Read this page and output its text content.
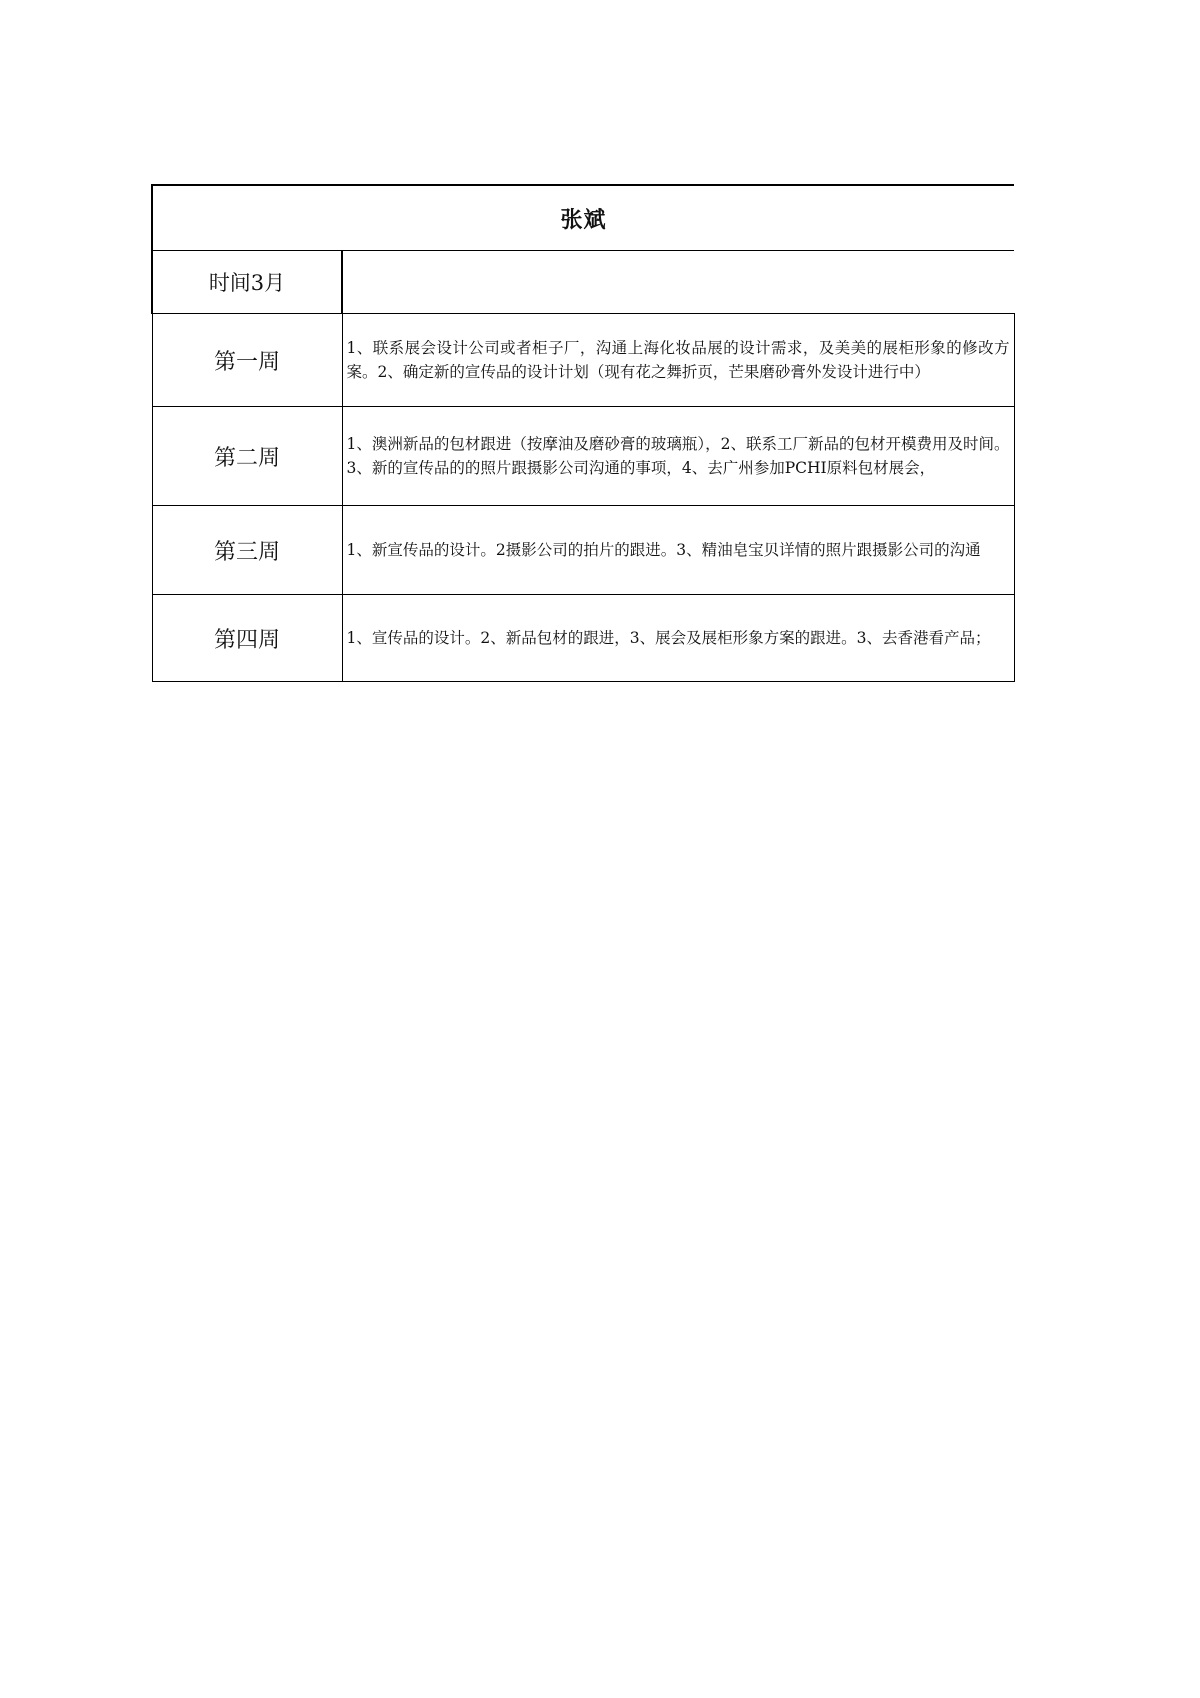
张斌	
时间3月	
第一周	1、联系展会设计公司或者柜子厂，沟通上海化妆品展的设计需求，及美美的展柜形象的修改方案。2、确定新的宣传品的设计计划（现有花之舞折页，芒果磨砂膏外发设计进行中）
第二周	1、澳洲新品的包材跟进（按摩油及磨砂膏的玻璃瓶），2、联系工厂新品的包材开模费用及时间。3、新的宣传品的的照片跟摄影公司沟通的事项，4、去广州参加PCHI原料包材展会，
第三周	1、新宣传品的设计。2摄影公司的拍片的跟进。3、精油皂宝贝详情的照片跟摄影公司的沟通
第四周	1、宣传品的设计。2、新品包材的跟进，3、展会及展柜形象方案的跟进。3、去香港看产品；
